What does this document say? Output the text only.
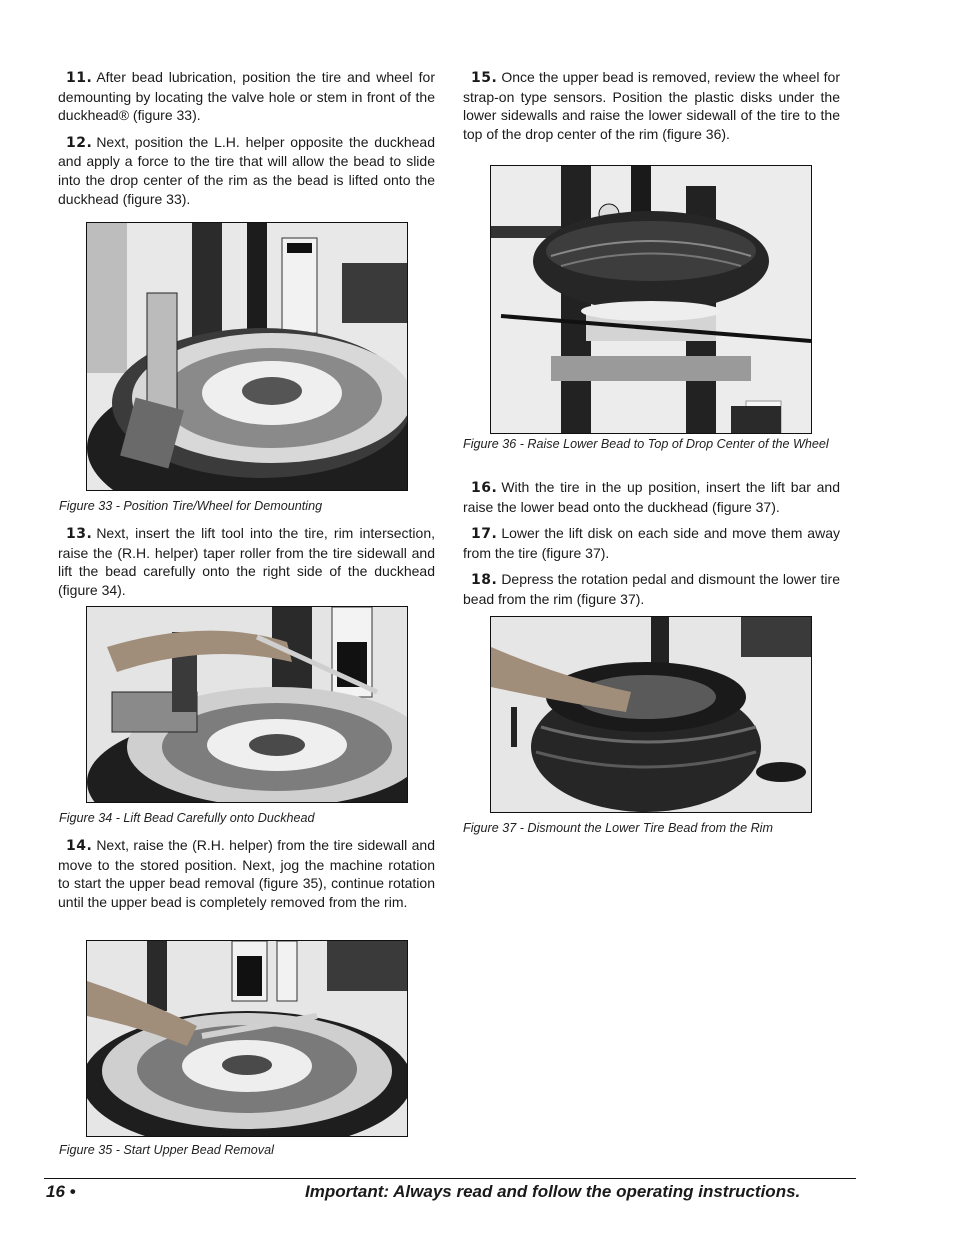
11. After bead lubrication, position the tire and wheel for demounting by locating the valve hole or stem in front of the duckhead® (figure 33).

12. Next, position the L.H. helper opposite the duckhead and apply a force to the tire that will allow the bead to slide into the drop center of the rim as the bead is lifted onto the duckhead (figure 33).

Figure 33 - Position Tire/Wheel for Demounting

13. Next, insert the lift tool into the tire, rim intersection, raise the (R.H. helper) taper roller from the tire sidewall and lift the bead carefully onto the right side of the duckhead (figure 34).

Figure 34 - Lift Bead Carefully onto Duckhead

14. Next, raise the (R.H. helper) from the tire sidewall and move to the stored position. Next, jog the machine rotation to start the upper bead removal (figure 35), continue rotation until the upper bead is completely removed from the rim.

Figure 35 - Start Upper Bead Removal

15. Once the upper bead is removed, review the wheel for strap-on type sensors. Position the plastic disks under the lower sidewalls and raise the lower sidewall of the tire to the top of the drop center of the rim (figure 36).

Figure 36 - Raise Lower Bead to Top of Drop Center of the Wheel

16. With the tire in the up position, insert the lift bar and raise the lower bead onto the duckhead (figure 37).

17. Lower the lift disk on each side and move them away from the tire (figure 37).

18. Depress the rotation pedal and dismount the lower tire bead from the rim (figure 37).

Figure 37 - Dismount the Lower Tire Bead from the Rim
16 •	Important: Always read and follow the operating instructions.
